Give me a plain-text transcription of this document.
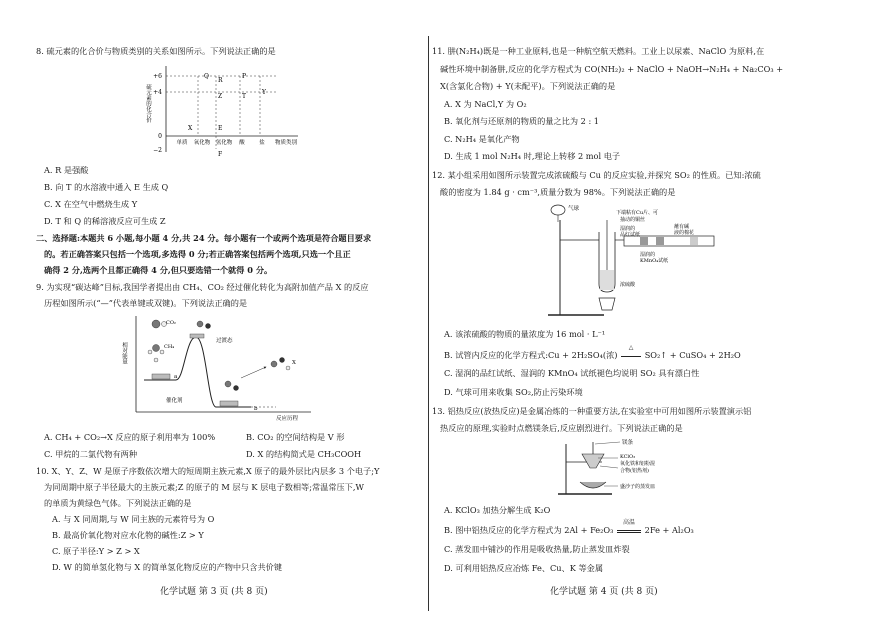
8. 硫元素的化合价与物质类别的关系如图所示。下列说法正确的是
+6
+4
0
−2
硫元素的化合价
单质 氧化物 氢化物 酸	盐 物质类别
Q	P
Z	T
R
Y
X	E
F
A. R 是强酸
B. 向 T 的水溶液中通入 E 生成 Q
C. X 在空气中燃烧生成 Y
D. T 和 Q 的稀溶液反应可生成 Z
二、选择题:本题共 6 小题,每小题 4 分,共 24 分。每小题有一个或两个选项是符合题目要求
的。若正确答案只包括一个选项,多选得 0 分;若正确答案包括两个选项,只选一个且正
确得 2 分,选两个且都正确得 4 分,但只要选错一个就得 0 分。
9. 为实现“碳达峰”目标,我国学者提出由 CH₄、CO₂ 经过催化转化为高附加值产品 X 的反应
历程如图所示(“—”代表单键或双键)。下列说法正确的是
相对能量
反应历程
过渡态
催化剂
CO₂
CH₄
X
a
b
A. CH₄ + CO₂→X 反应的原子利用率为 100%	B. CO₂ 的空间结构是 V 形
C. 甲烷的二氯代物有两种	D. X 的结构简式是 CH₃COOH
10. X、Y、Z、W 是原子序数依次增大的短周期主族元素,X 原子的最外层比内层多 3 个电子;Y
为同周期中原子半径最大的主族元素;Z 的原子的 M 层与 K 层电子数相等;常温常压下,W
的单质为黄绿色气体。下列说法正确的是
A. 与 X 同周期,与 W 同主族的元素符号为 O
B. 最高价氧化物对应水化物的碱性:Z > Y
C. 原子半径:Y > Z > X
D. W 的简单氢化物与 X 的简单氢化物反应的产物中只含共价键
化学试题 第 3 页 (共 8 页)
11. 肼(N₂H₄)既是一种工业原料,也是一种航空航天燃料。工业上以尿素、NaClO 为原料,在
碱性环境中制备肼,反应的化学方程式为 CO(NH₂)₂ + NaClO + NaOH→N₂H₄ + Na₂CO₃ +
X(含氯化合物) + Y(未配平)。下列说法正确的是
A. X 为 NaCl,Y 为 O₂
B. 氧化剂与还原剂的物质的量之比为 2 : 1
C. N₂H₄ 是氧化产物
D. 生成 1 mol N₂H₄ 时,理论上转移 2 mol 电子
12. 某小组采用如图所示装置完成浓硫酸与 Cu 的反应实验,并探究 SO₂ 的性质。已知:浓硫
酸的密度为 1.84 g · cm⁻³,质量分数为 98%。下列说法正确的是
气球
下端粘有Cu片、可
抽动的铜丝
湿润的
品红试纸
湿润的
KMnO₄试纸
蘸有碱
液的棉花
浓硫酸
A. 该浓硫酸的物质的量浓度为 16 mol · L⁻¹
B. 试管内反应的化学方程式:Cu + 2H₂SO₄(浓)
△
SO₂↑ + CuSO₄ + 2H₂O
C. 湿润的品红试纸、湿润的 KMnO₄ 试纸褪色均说明 SO₂ 具有漂白性
D. 气球可用来收集 SO₂,防止污染环境
13. 铝热反应(放热反应)是金属冶炼的一种重要方法,在实验室中可用如图所示装置演示铝
热反应的原理,实验时点燃镁条后,反应剧烈进行。下列说法正确的是
镁条
KClO₃
氧化铁和铝粉混
合物(铝热剂)
盛沙子的蒸发皿
A. KClO₃ 加热分解生成 K₂O
B. 图中铝热反应的化学方程式为 2Al + Fe₂O₃
高温
2Fe + Al₂O₃
C. 蒸发皿中铺沙的作用是吸收热量,防止蒸发皿炸裂
D. 可利用铝热反应冶炼 Fe、Cu、K 等金属
化学试题 第 4 页 (共 8 页)
